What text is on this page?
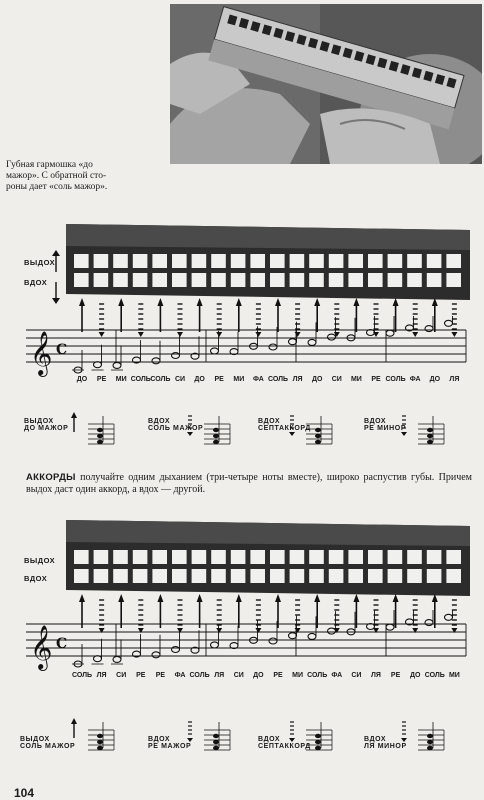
Губная гармошка «до
мажор». С обратной сто-
роны дает «соль мажор».
ВЫДОХ
ВДОХ
𝄞 C
ДО РЕ МИ СОЛЬ СОЛЬ СИ ДО РЕ МИ ФА СОЛЬ ЛЯ ДО СИ МИ РЕ СОЛЬ ФА ДО ЛЯ
ВЫДОХ
ДО МАЖОР
ВДОХ
СОЛЬ МАЖОР
ВДОХ
СЕПТАККОРД
ВДОХ
РЕ МИНОР
АККОРДЫ получайте одним дыханием (три-четыре ноты вместе), широко распустив губы. Причем выдох даст один аккорд, а вдох — другой.
ВЫДОХ
ВДОХ
𝄞 C
СОЛЬ ЛЯ СИ РЕ РЕ ФА СОЛЬ ЛЯ СИ ДО РЕ МИ СОЛЬ ФА СИ ЛЯ РЕ ДО СОЛЬ МИ
ВЫДОХ
СОЛЬ МАЖОР
ВДОХ
РЕ МАЖОР
ВДОХ
СЕПТАККОРД
ВДОХ
ЛЯ МИНОР
104
